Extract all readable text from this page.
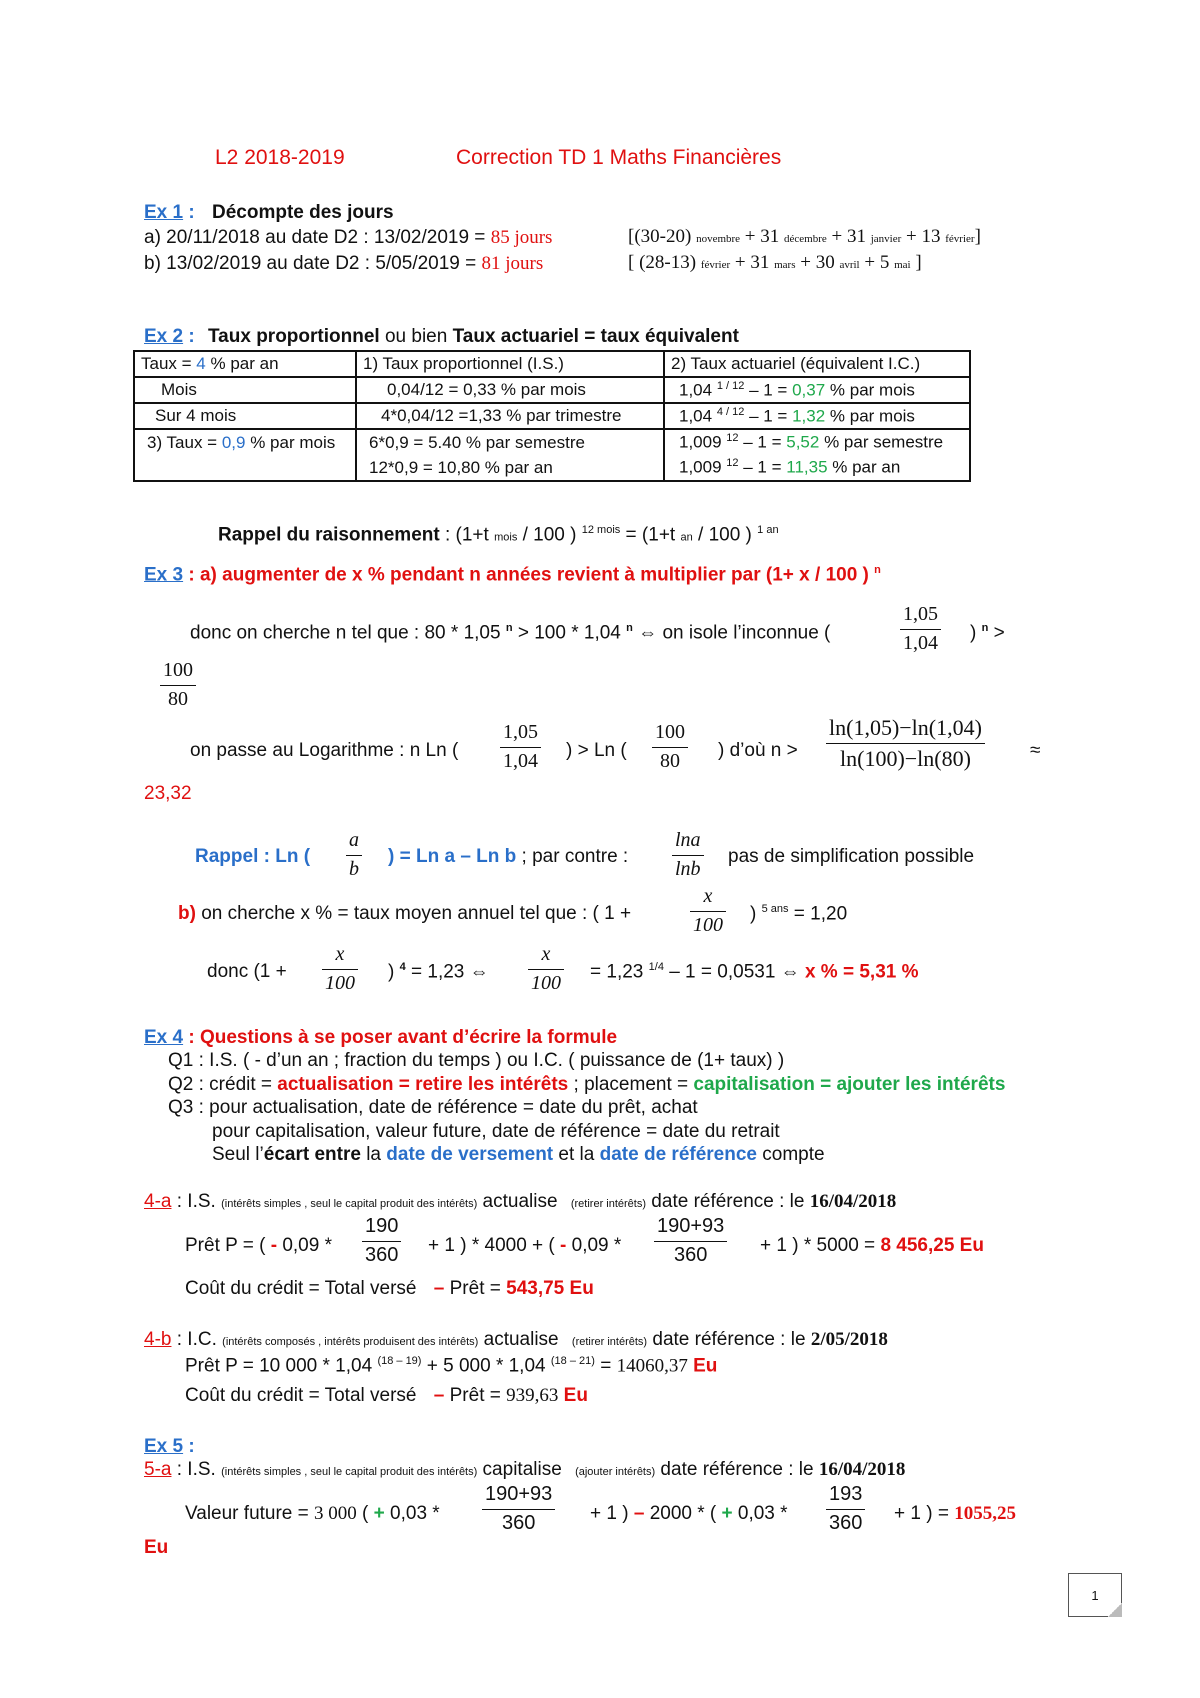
L2 2018-2019	Correction TD 1 Maths Financières
Ex 1 : Décompte des jours
a) 20/11/2018 au date D2 : 13/02/2019 = 85 jours	[(30-20) novembre + 31 décembre + 31 janvier + 13 février]
b) 13/02/2019 au date D2 : 5/05/2019 = 81 jours	[ (28-13) février + 31 mars + 30 avril + 5 mai ]
Ex 2 : Taux proportionnel ou bien Taux actuariel = taux équivalent
Taux = 4 % par an	1) Taux proportionnel (I.S.)	2) Taux actuariel (équivalent I.C.)
Mois	0,04/12 = 0,33 % par mois	1,04 $^{1 / 12}$ – 1 = 0,37 % par mois
Sur 4 mois	4*0,04/12 =1,33 % par trimestre	1,04 $^{4 / 12}$ – 1 = 1,32 % par mois
3) Taux = 0,9 % par mois	6*0,9 = 5.40 % par semestre	1,009 $^{12}$ – 1 = 5,52 % par semestre
	12*0,9 = 10,80 % par an	1,009 $^{12}$ – 1 = 11,35 % par an
Rappel du raisonnement : (1+t mois / 100 ) $^{12 mois}$ = (1+t an / 100 ) $^{1 an}$
Ex 3 : a) augmenter de x % pendant n années revient à multiplier par (1+ x / 100 ) $^n$
donc on cherche n tel que : 80 * 1,05 $^n$ > 100 * 1,04 $^n$ ⇔ on isole l’inconnue (
1,05
1,04 ) $^n$ >
100
80
on passe au Logarithme : n Ln (
1,05
1,04 ) > Ln (
100
80 ) d’où n >
ln(1,05)−ln(1,04)
ln(100)−ln(80)	≈
23,32
Rappel : Ln (
a
b
) = Ln a – Ln b ; par contre :
lna
lnb
pas de simplification possible
b) on cherche x % = taux moyen annuel tel que : ( 1 +
x
100
) $^{5 ans}$ = 1,20
donc (1 +
x
100
) $^4$ = 1,23 ⇔
x
100
= 1,23 $^{1/4}$ – 1 = 0,0531 ⇔ x % = 5,31 %
Ex 4 : Questions à se poser avant d’écrire la formule
Q1 : I.S. ( - d’un an ; fraction du temps ) ou I.C. ( puissance de (1+ taux) )
Q2 : crédit = actualisation = retire les intérêts ; placement = capitalisation = ajouter les intérêts
Q3 : pour actualisation, date de référence = date du prêt, achat
pour capitalisation, valeur future, date de référence = date du retrait
Seul l’écart entre la date de versement et la date de référence compte
4-a : I.S. (intérêts simples , seul le capital produit des intérêts) actualise (retirer intérêts) date référence : le 16/04/2018
Prêt P = ( - 0,09 *
190
360 + 1 ) * 4000 + ( - 0,09 *
190+93
360	+ 1 ) * 5000 = 8 456,25 Eu
Coût du crédit = Total versé – Prêt = 543,75 Eu
4-b : I.C. (intérêts composés , intérêts produisent des intérêts) actualise (retirer intérêts) date référence : le 2/05/2018
Prêt P = 10 000 * 1,04 $^{(18 - 19)}$ + 5 000 * 1,04 $^{(18 - 21)}$ = 14060,37 Eu
Coût du crédit = Total versé – Prêt = 939,63 Eu
Ex 5 :
5-a : I.S. (intérêts simples , seul le capital produit des intérêts) capitalise (ajouter intérêts) date référence : le 16/04/2018
Valeur future = 3 000 ( + 0,03 *
190+93
360	+ 1 ) – 2000 * ( + 0,03 *
193
360 + 1 ) = 1055,25
Eu
1
